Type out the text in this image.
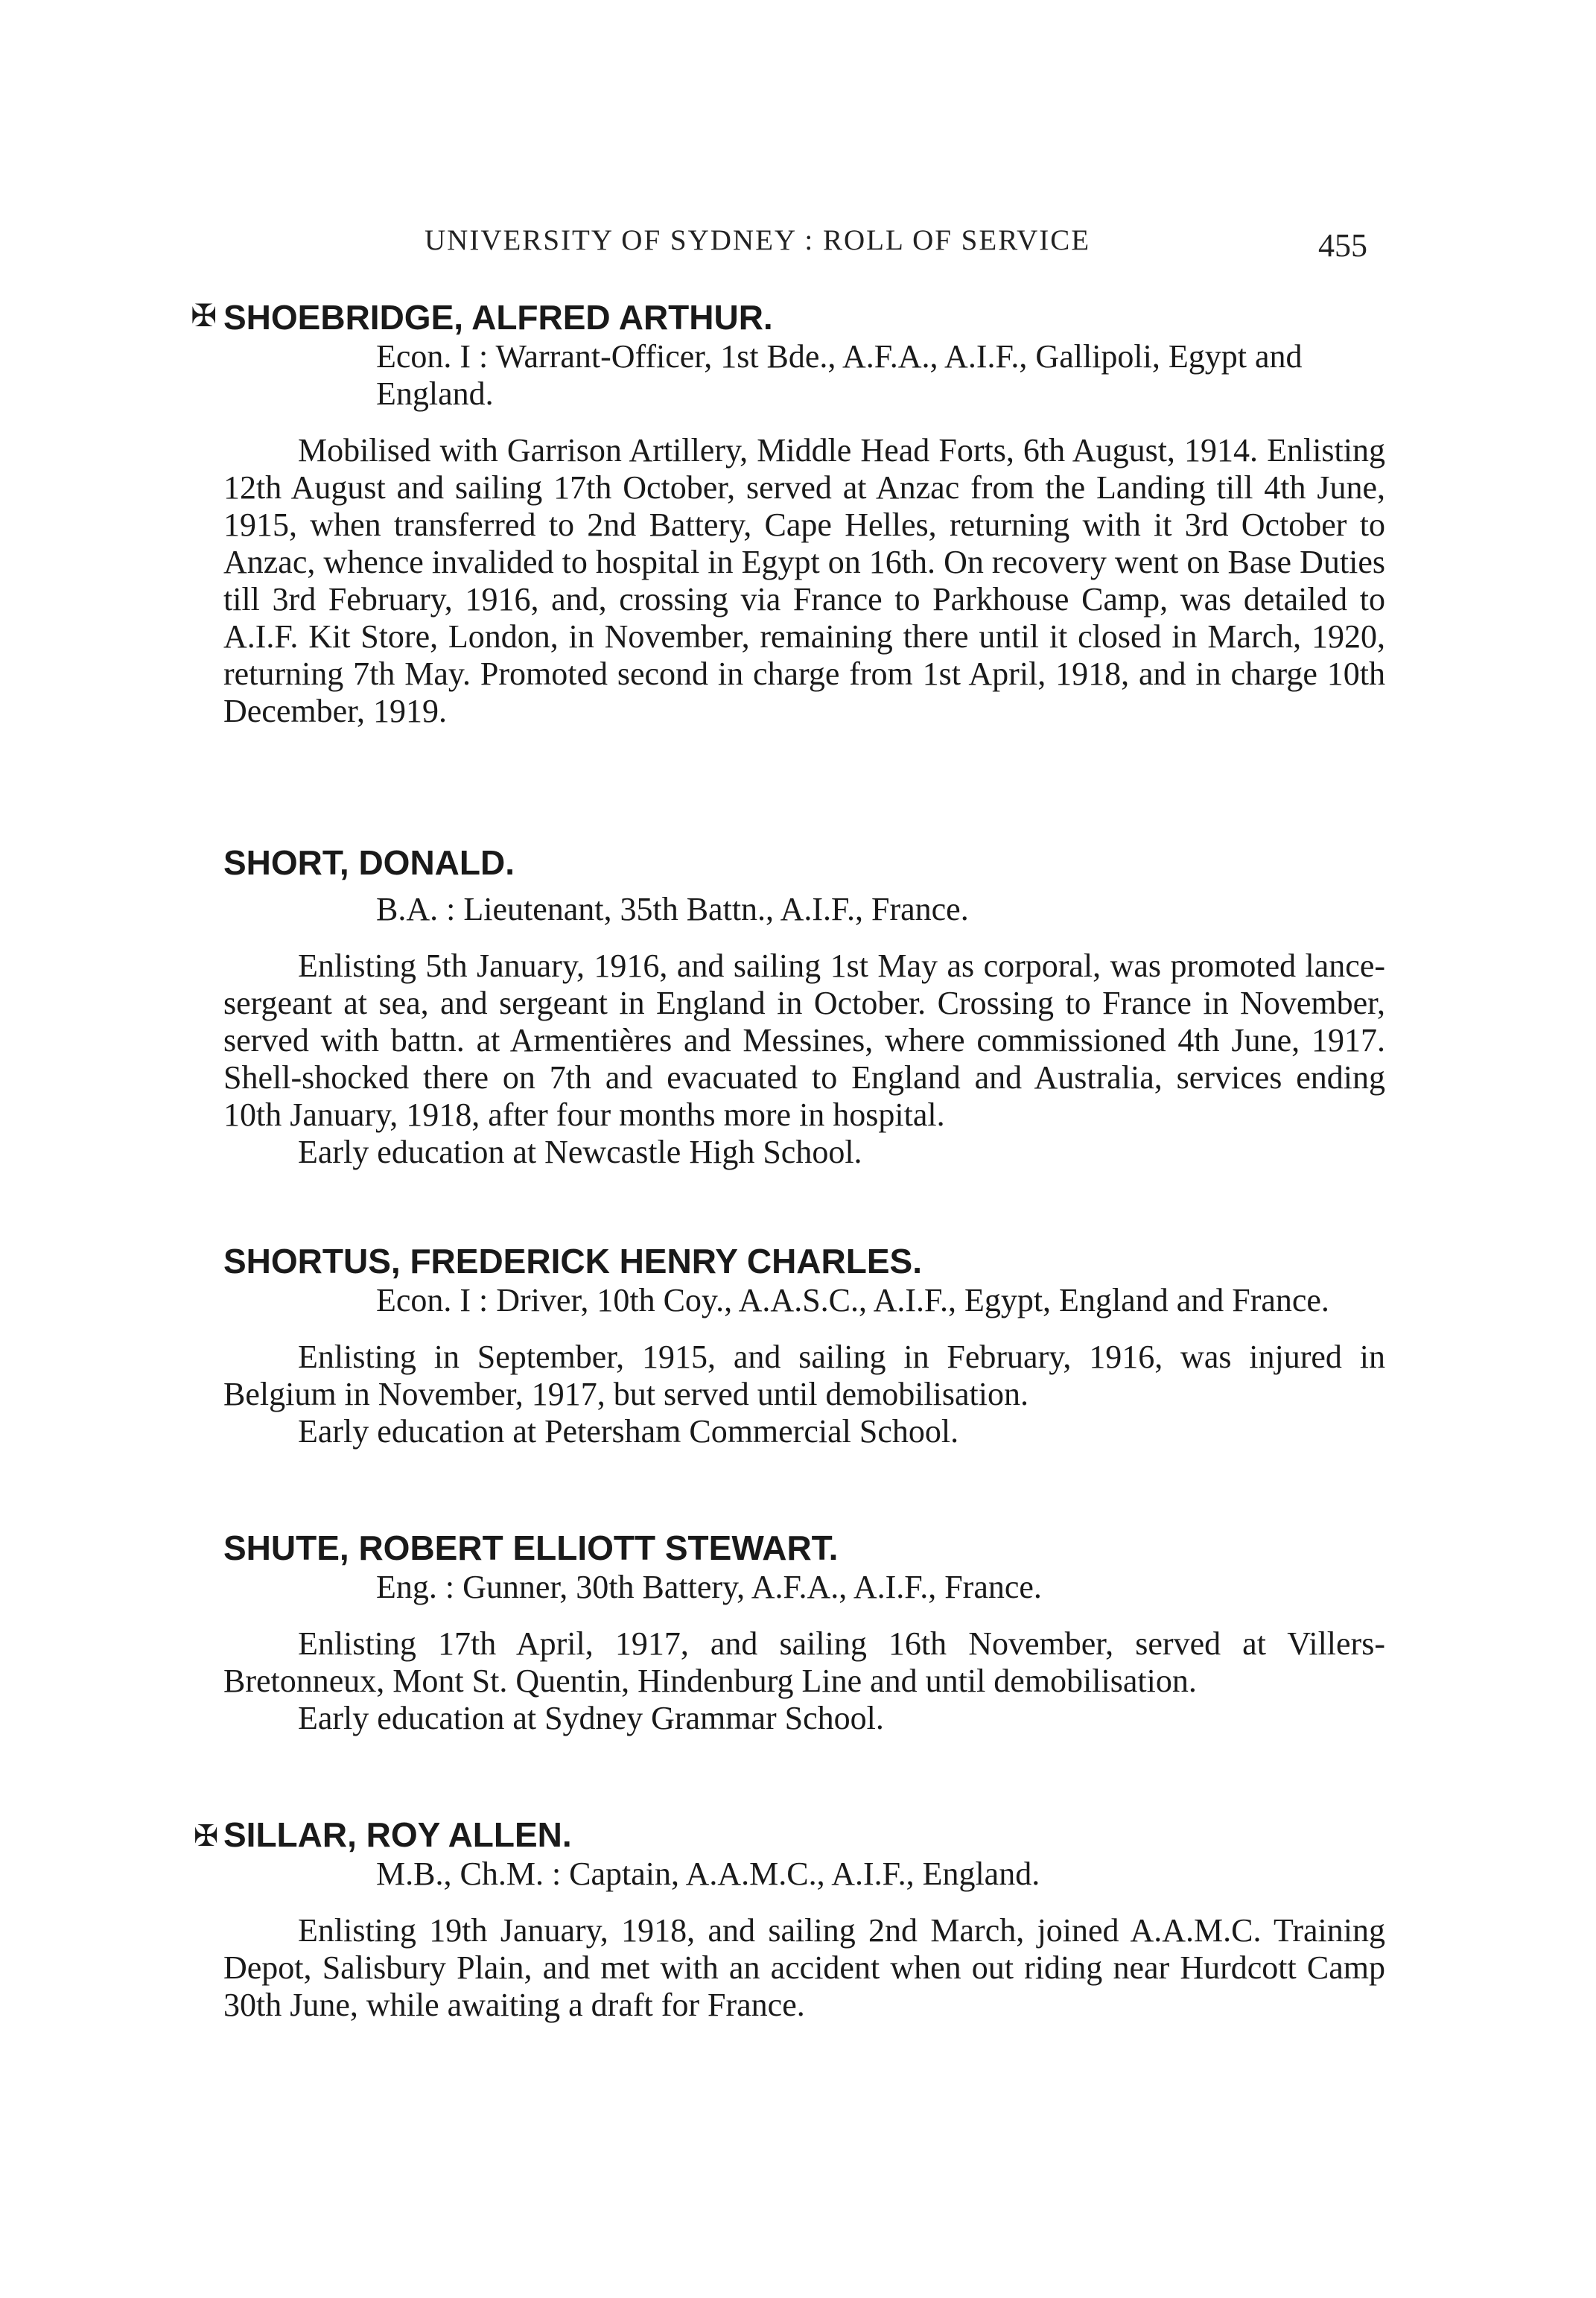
UNIVERSITY OF SYDNEY : ROLL OF SERVICE	455
✠ SHOEBRIDGE, ALFRED ARTHUR.

Econ. I : Warrant-Officer, 1st Bde., A.F.A., A.I.F., Gallipoli, Egypt and England.

Mobilised with Garrison Artillery, Middle Head Forts, 6th August, 1914. Enlisting 12th August and sailing 17th October, served at Anzac from the Landing till 4th June, 1915, when transferred to 2nd Battery, Cape Helles, returning with it 3rd October to Anzac, whence invalided to hospital in Egypt on 16th. On recovery went on Base Duties till 3rd February, 1916, and, crossing via France to Parkhouse Camp, was detailed to A.I.F. Kit Store, London, in November, remaining there until it closed in March, 1920, returning 7th May. Promoted second in charge from 1st April, 1918, and in charge 10th December, 1919.

SHORT, DONALD.

B.A. : Lieutenant, 35th Battn., A.I.F., France.

Enlisting 5th January, 1916, and sailing 1st May as corporal, was promoted lance-sergeant at sea, and sergeant in England in October. Crossing to France in November, served with battn. at Armentières and Messines, where commissioned 4th June, 1917. Shell-shocked there on 7th and evacuated to England and Australia, services ending 10th January, 1918, after four months more in hospital.

Early education at Newcastle High School.

SHORTUS, FREDERICK HENRY CHARLES.

Econ. I : Driver, 10th Coy., A.A.S.C., A.I.F., Egypt, England and France.

Enlisting in September, 1915, and sailing in February, 1916, was injured in Belgium in November, 1917, but served until demobilisation.

Early education at Petersham Commercial School.

SHUTE, ROBERT ELLIOTT STEWART.

Eng. : Gunner, 30th Battery, A.F.A., A.I.F., France.

Enlisting 17th April, 1917, and sailing 16th November, served at Villers-Bretonneux, Mont St. Quentin, Hindenburg Line and until demobilisation.

Early education at Sydney Grammar School.

✠ SILLAR, ROY ALLEN.

M.B., Ch.M. : Captain, A.A.M.C., A.I.F., England.

Enlisting 19th January, 1918, and sailing 2nd March, joined A.A.M.C. Training Depot, Salisbury Plain, and met with an accident when out riding near Hurdcott Camp 30th June, while awaiting a draft for France.
